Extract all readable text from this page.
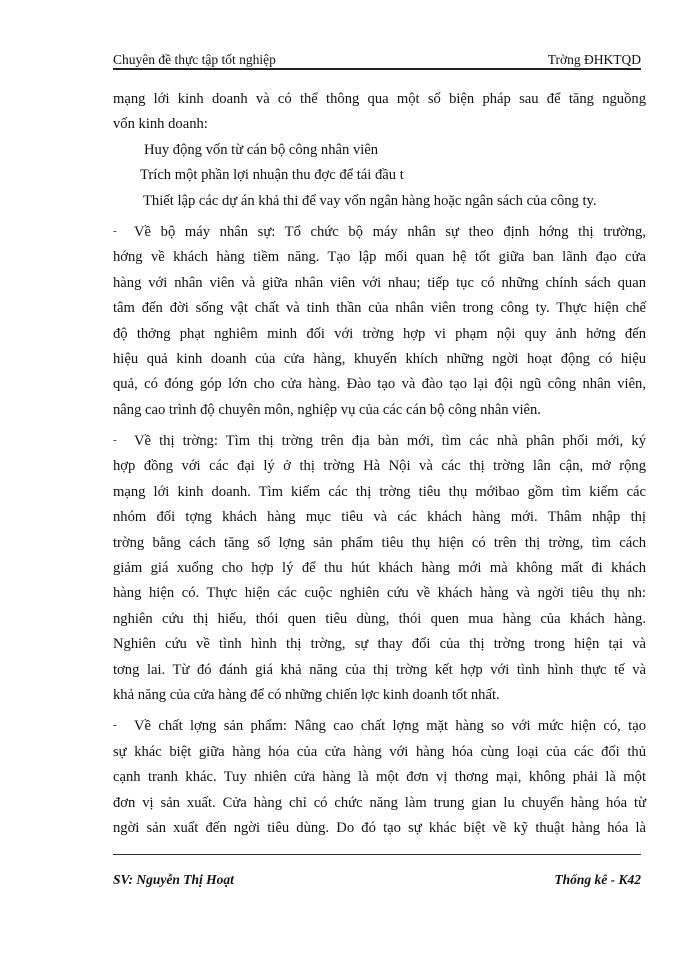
Chuyên đề thực tập tốt nghiệp	Trờng ĐHKTQD
mạng lới kinh doanh và có thể thông qua một số biện pháp sau để tăng nguồng
vốn kinh doanh:
Huy động vốn từ cán bộ công nhân viên
Trích một phần lợi nhuận thu đợc để tái đầu t
Thiết lập các dự án khả thi để vay vốn ngân hàng hoặc ngân sách của công ty.
-	Về bộ máy nhân sự: Tổ chức bộ máy nhân sự theo định hớng thị trường,
hớng về khách hàng tiềm năng. Tạo lập mối quan hệ tốt giữa ban lãnh đạo cửa
hàng với nhân viên và giữa nhân viên với nhau; tiếp tục có những chính sách quan
tâm đến đời sống vật chất và tinh thần của nhân viên trong công ty. Thực hiện chế
độ thởng phạt nghiêm minh đối với trờng hợp vi phạm nội quy ảnh hởng đến
hiệu quả kinh doanh của cửa hàng, khuyến khích những ngời hoạt động có hiệu
quả, có đóng góp lớn cho cửa hàng. Đào tạo và đào tạo lại đội ngũ công nhân viên,
nâng cao trình độ chuyên môn, nghiệp vụ của các cán bộ công nhân viên.
-	Về thị trờng: Tìm thị trờng trên địa bàn mới, tìm các nhà phân phối mới, ký
hợp đồng với các đại lý ở thị trờng Hà Nội và các thị trờng lân cận, mở rộng
mạng lới kinh doanh. Tìm kiếm các thị trờng tiêu thụ mớibao gồm tìm kiếm các
nhóm đối tợng khách hàng mục tiêu và các khách hàng mới. Thâm nhập thị
trờng bằng cách tăng số lợng sản phẩm tiêu thụ hiện có trên thị trờng, tìm cách
giảm giá xuống cho hợp lý để thu hút khách hàng mới mà không mất đi khách
hàng hiện có. Thực hiện các cuộc nghiên cứu về khách hàng và ngời tiêu thụ nh:
nghiên cứu thị hiếu, thói quen tiêu dùng, thói quen mua hàng của khách hàng.
Nghiên cứu về tình hình thị trờng, sự thay đổi của thị trờng trong hiện tại và
tơng lai. Từ đó đánh giá khả năng của thị trờng kết hợp với tình hình thực tế và
khả năng của cửa hàng để có những chiến lợc kinh doanh tốt nhất.
-	Về chất lợng sản phẩm: Nâng cao chất lợng mặt hàng so với mức hiện có, tạo
sự khác biệt giữa hàng hóa của cửa hàng với hàng hóa cùng loại của các đối thủ
cạnh tranh khác. Tuy nhiên cửa hàng là một đơn vị thơng mại, không phải là một
đơn vị sản xuất. Cửa hàng chỉ có chức năng làm trung gian lu chuyển hàng hóa từ
ngời sản xuất đến ngời tiêu dùng. Do đó tạo sự khác biệt về kỹ thuật hàng hóa là
SV: Nguyễn Thị Hoạt	Thống kê - K42
